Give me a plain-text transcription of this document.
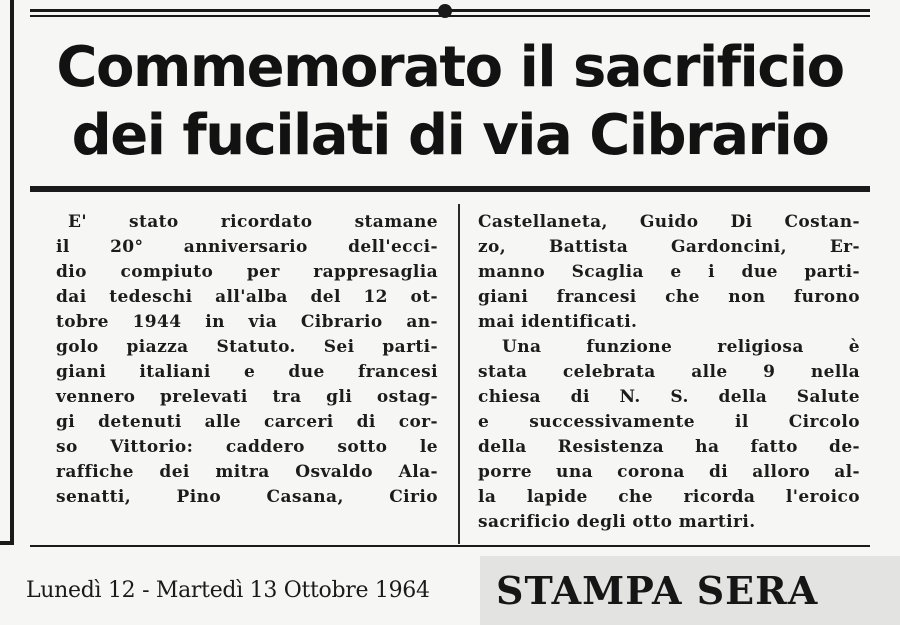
Commemorato il sacrificio
dei fucilati di via Cibrario
E' stato ricordato stamane
il 20° anniversario dell'ecci-
dio compiuto per rappresaglia
dai tedeschi all'alba del 12 ot-
tobre 1944 in via Cibrario an-
golo piazza Statuto. Sei parti-
giani italiani e due francesi
vennero prelevati tra gli ostag-
gi detenuti alle carceri di cor-
so Vittorio: caddero sotto le
raffiche dei mitra Osvaldo Ala-
senatti, Pino Casana, Cirio
Castellaneta, Guido Di Costan-
zo, Battista Gardoncini, Er-
manno Scaglia e i due parti-
giani francesi che non furono
mai identificati.
Una funzione religiosa è
stata celebrata alle 9 nella
chiesa di N. S. della Salute
e successivamente il Circolo
della Resistenza ha fatto de-
porre una corona di alloro al-
la lapide che ricorda l'eroico
sacrificio degli otto martiri.
Lunedì 12 - Martedì 13 Ottobre 1964 STAMPA SERA
